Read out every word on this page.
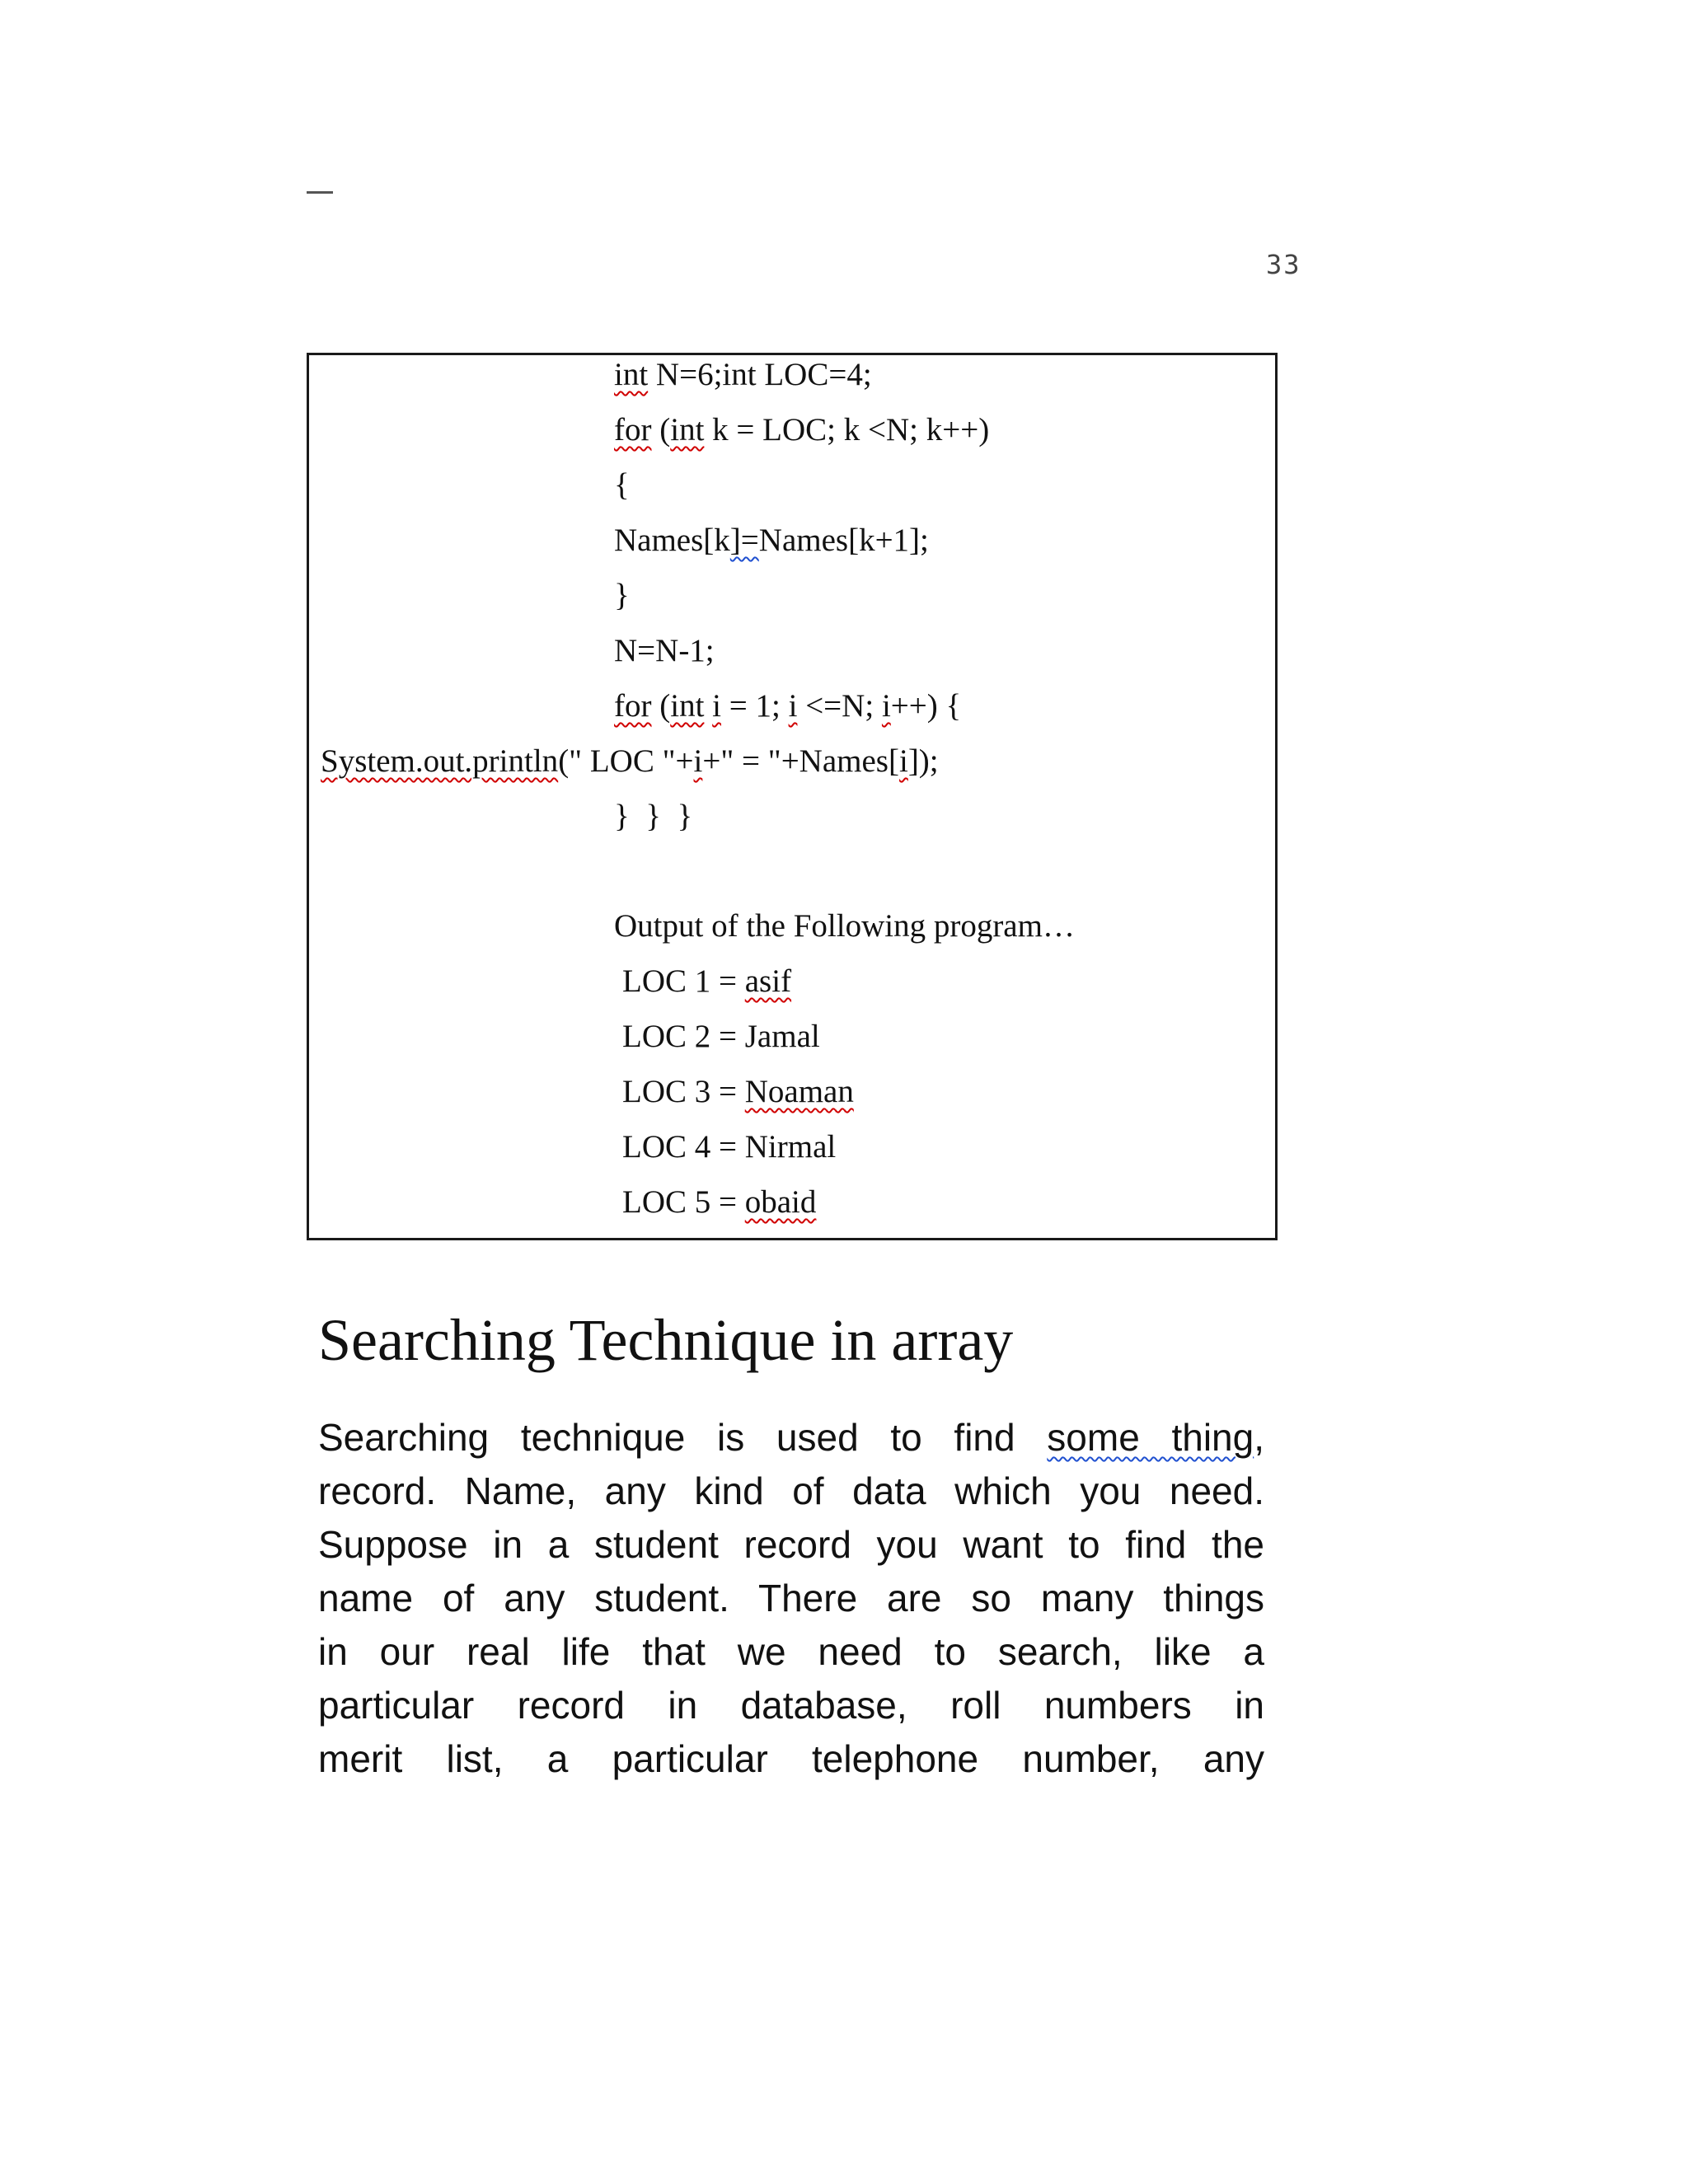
33
int N=6;int LOC=4;
for (int k = LOC; k <N; k++)
{
Names[k]=Names[k+1];
}
N=N-1;
for (int i = 1; i <=N; i++) {
System.out.println(" LOC "+i+" = "+Names[i]);
}  }  }
Output of the Following program…
LOC 1 = asif
LOC 2 = Jamal
LOC 3 = Noaman
LOC 4 = Nirmal
LOC 5 = obaid
Searching Technique in array
Searching technique is used to find some thing,
record. Name, any kind of data which you need.
Suppose in a student record you want to find the
name of any student. There are so many things
in our real life that we need to search, like a
particular record in database, roll numbers in
merit list, a particular telephone number, any
